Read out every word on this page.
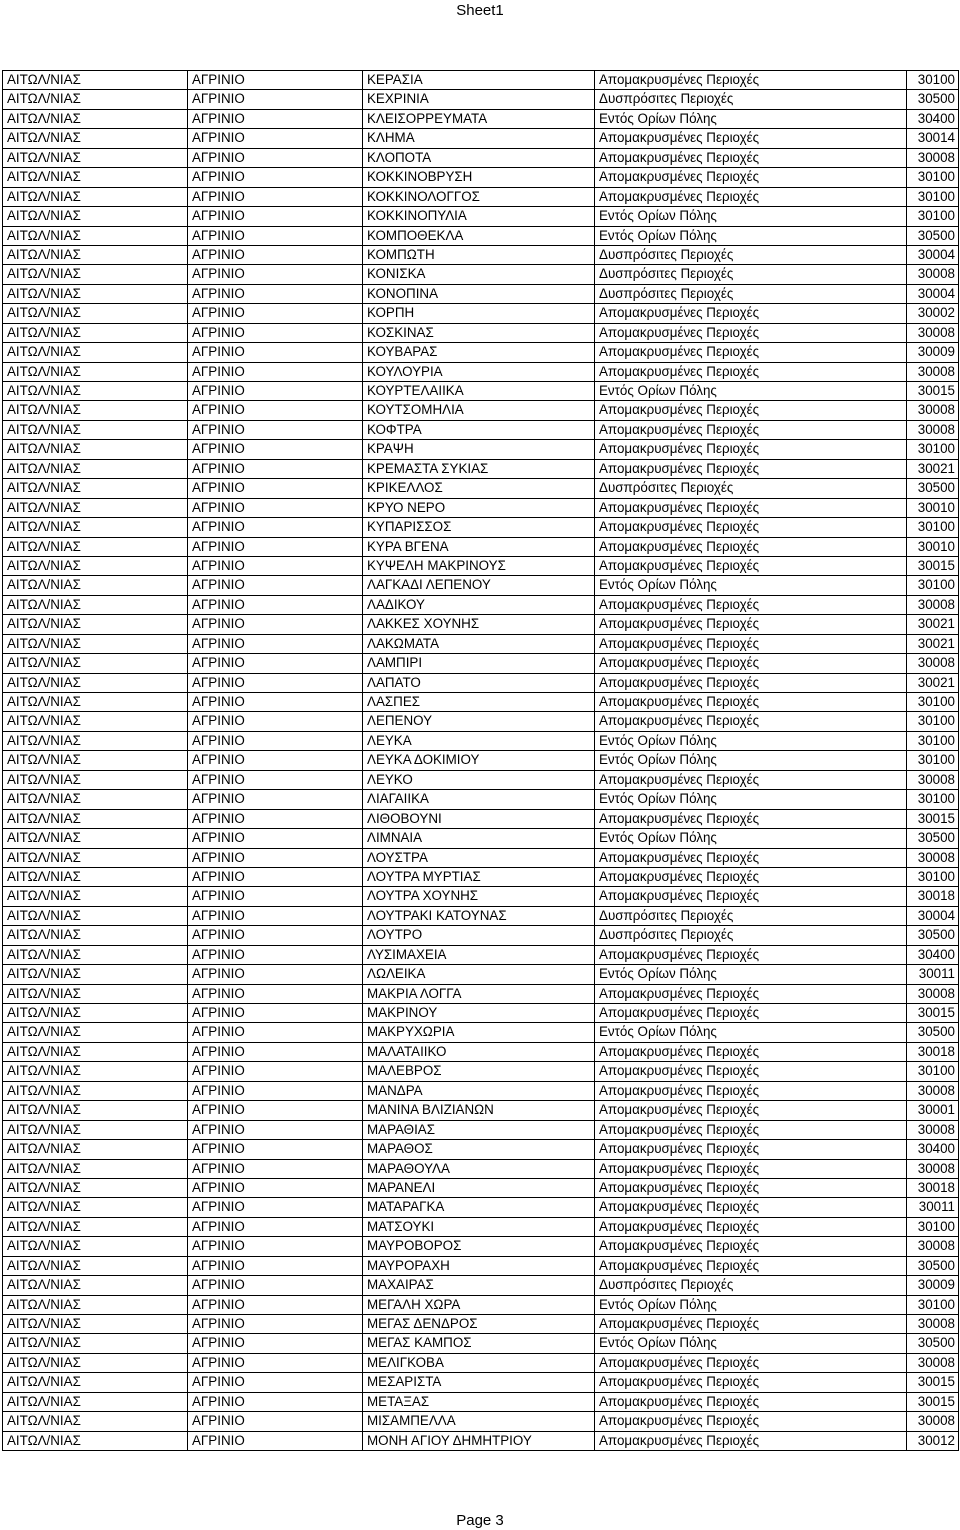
Sheet1
ΑΙΤΩΛ/ΝΙΑΣ	ΑΓΡΙΝΙΟ	ΚΕΡΑΣΙΑ	Απομακρυσμένες Περιοχές	30100
ΑΙΤΩΛ/ΝΙΑΣ	ΑΓΡΙΝΙΟ	ΚΕΧΡΙΝΙΑ	Δυσπρόσιτες Περιοχές	30500
ΑΙΤΩΛ/ΝΙΑΣ	ΑΓΡΙΝΙΟ	ΚΛΕΙΣΟΡΡΕΥΜΑΤΑ	Εντός Ορίων Πόλης	30400
ΑΙΤΩΛ/ΝΙΑΣ	ΑΓΡΙΝΙΟ	ΚΛΗΜΑ	Απομακρυσμένες Περιοχές	30014
ΑΙΤΩΛ/ΝΙΑΣ	ΑΓΡΙΝΙΟ	ΚΛΟΠΟΤΑ	Απομακρυσμένες Περιοχές	30008
ΑΙΤΩΛ/ΝΙΑΣ	ΑΓΡΙΝΙΟ	ΚΟΚΚΙΝΟΒΡΥΣΗ	Απομακρυσμένες Περιοχές	30100
ΑΙΤΩΛ/ΝΙΑΣ	ΑΓΡΙΝΙΟ	ΚΟΚΚΙΝΟΛΟΓΓΟΣ	Απομακρυσμένες Περιοχές	30100
ΑΙΤΩΛ/ΝΙΑΣ	ΑΓΡΙΝΙΟ	ΚΟΚΚΙΝΟΠΥΛΙΑ	Εντός Ορίων Πόλης	30100
ΑΙΤΩΛ/ΝΙΑΣ	ΑΓΡΙΝΙΟ	ΚΟΜΠΟΘΕΚΛΑ	Εντός Ορίων Πόλης	30500
ΑΙΤΩΛ/ΝΙΑΣ	ΑΓΡΙΝΙΟ	ΚΟΜΠΩΤΗ	Δυσπρόσιτες Περιοχές	30004
ΑΙΤΩΛ/ΝΙΑΣ	ΑΓΡΙΝΙΟ	ΚΟΝΙΣΚΑ	Δυσπρόσιτες Περιοχές	30008
ΑΙΤΩΛ/ΝΙΑΣ	ΑΓΡΙΝΙΟ	ΚΟΝΟΠΙΝΑ	Δυσπρόσιτες Περιοχές	30004
ΑΙΤΩΛ/ΝΙΑΣ	ΑΓΡΙΝΙΟ	ΚΟΡΠΗ	Απομακρυσμένες Περιοχές	30002
ΑΙΤΩΛ/ΝΙΑΣ	ΑΓΡΙΝΙΟ	ΚΟΣΚΙΝΑΣ	Απομακρυσμένες Περιοχές	30008
ΑΙΤΩΛ/ΝΙΑΣ	ΑΓΡΙΝΙΟ	ΚΟΥΒΑΡΑΣ	Απομακρυσμένες Περιοχές	30009
ΑΙΤΩΛ/ΝΙΑΣ	ΑΓΡΙΝΙΟ	ΚΟΥΛΟΥΡΙΑ	Απομακρυσμένες Περιοχές	30008
ΑΙΤΩΛ/ΝΙΑΣ	ΑΓΡΙΝΙΟ	ΚΟΥΡΤΕΛΑΙΙΚΑ	Εντός Ορίων Πόλης	30015
ΑΙΤΩΛ/ΝΙΑΣ	ΑΓΡΙΝΙΟ	ΚΟΥΤΣΟΜΗΛΙΑ	Απομακρυσμένες Περιοχές	30008
ΑΙΤΩΛ/ΝΙΑΣ	ΑΓΡΙΝΙΟ	ΚΟΦΤΡΑ	Απομακρυσμένες Περιοχές	30008
ΑΙΤΩΛ/ΝΙΑΣ	ΑΓΡΙΝΙΟ	ΚΡΑΨΗ	Απομακρυσμένες Περιοχές	30100
ΑΙΤΩΛ/ΝΙΑΣ	ΑΓΡΙΝΙΟ	ΚΡΕΜΑΣΤΑ ΣΥΚΙΑΣ	Απομακρυσμένες Περιοχές	30021
ΑΙΤΩΛ/ΝΙΑΣ	ΑΓΡΙΝΙΟ	ΚΡΙΚΕΛΛΟΣ	Δυσπρόσιτες Περιοχές	30500
ΑΙΤΩΛ/ΝΙΑΣ	ΑΓΡΙΝΙΟ	ΚΡΥΟ ΝΕΡΟ	Απομακρυσμένες Περιοχές	30010
ΑΙΤΩΛ/ΝΙΑΣ	ΑΓΡΙΝΙΟ	ΚΥΠΑΡΙΣΣΟΣ	Απομακρυσμένες Περιοχές	30100
ΑΙΤΩΛ/ΝΙΑΣ	ΑΓΡΙΝΙΟ	ΚΥΡΑ ΒΓΕΝΑ	Απομακρυσμένες Περιοχές	30010
ΑΙΤΩΛ/ΝΙΑΣ	ΑΓΡΙΝΙΟ	ΚΥΨΕΛΗ ΜΑΚΡΙΝΟΥΣ	Απομακρυσμένες Περιοχές	30015
ΑΙΤΩΛ/ΝΙΑΣ	ΑΓΡΙΝΙΟ	ΛΑΓΚΑΔΙ ΛΕΠΕΝΟΥ	Εντός Ορίων Πόλης	30100
ΑΙΤΩΛ/ΝΙΑΣ	ΑΓΡΙΝΙΟ	ΛΑΔΙΚΟΥ	Απομακρυσμένες Περιοχές	30008
ΑΙΤΩΛ/ΝΙΑΣ	ΑΓΡΙΝΙΟ	ΛΑΚΚΕΣ ΧΟΥΝΗΣ	Απομακρυσμένες Περιοχές	30021
ΑΙΤΩΛ/ΝΙΑΣ	ΑΓΡΙΝΙΟ	ΛΑΚΩΜΑΤΑ	Απομακρυσμένες Περιοχές	30021
ΑΙΤΩΛ/ΝΙΑΣ	ΑΓΡΙΝΙΟ	ΛΑΜΠΙΡΙ	Απομακρυσμένες Περιοχές	30008
ΑΙΤΩΛ/ΝΙΑΣ	ΑΓΡΙΝΙΟ	ΛΑΠΑΤΟ	Απομακρυσμένες Περιοχές	30021
ΑΙΤΩΛ/ΝΙΑΣ	ΑΓΡΙΝΙΟ	ΛΑΣΠΕΣ	Απομακρυσμένες Περιοχές	30100
ΑΙΤΩΛ/ΝΙΑΣ	ΑΓΡΙΝΙΟ	ΛΕΠΕΝΟΥ	Απομακρυσμένες Περιοχές	30100
ΑΙΤΩΛ/ΝΙΑΣ	ΑΓΡΙΝΙΟ	ΛΕΥΚΑ	Εντός Ορίων Πόλης	30100
ΑΙΤΩΛ/ΝΙΑΣ	ΑΓΡΙΝΙΟ	ΛΕΥΚΑ ΔΟΚΙΜΙΟΥ	Εντός Ορίων Πόλης	30100
ΑΙΤΩΛ/ΝΙΑΣ	ΑΓΡΙΝΙΟ	ΛΕΥΚΟ	Απομακρυσμένες Περιοχές	30008
ΑΙΤΩΛ/ΝΙΑΣ	ΑΓΡΙΝΙΟ	ΛΙΑΓΑΙΙΚΑ	Εντός Ορίων Πόλης	30100
ΑΙΤΩΛ/ΝΙΑΣ	ΑΓΡΙΝΙΟ	ΛΙΘΟΒΟΥΝΙ	Απομακρυσμένες Περιοχές	30015
ΑΙΤΩΛ/ΝΙΑΣ	ΑΓΡΙΝΙΟ	ΛΙΜΝΑΙΑ	Εντός Ορίων Πόλης	30500
ΑΙΤΩΛ/ΝΙΑΣ	ΑΓΡΙΝΙΟ	ΛΟΥΣΤΡΑ	Απομακρυσμένες Περιοχές	30008
ΑΙΤΩΛ/ΝΙΑΣ	ΑΓΡΙΝΙΟ	ΛΟΥΤΡΑ ΜΥΡΤΙΑΣ	Απομακρυσμένες Περιοχές	30100
ΑΙΤΩΛ/ΝΙΑΣ	ΑΓΡΙΝΙΟ	ΛΟΥΤΡΑ ΧΟΥΝΗΣ	Απομακρυσμένες Περιοχές	30018
ΑΙΤΩΛ/ΝΙΑΣ	ΑΓΡΙΝΙΟ	ΛΟΥΤΡΑΚΙ ΚΑΤΟΥΝΑΣ	Δυσπρόσιτες Περιοχές	30004
ΑΙΤΩΛ/ΝΙΑΣ	ΑΓΡΙΝΙΟ	ΛΟΥΤΡΟ	Δυσπρόσιτες Περιοχές	30500
ΑΙΤΩΛ/ΝΙΑΣ	ΑΓΡΙΝΙΟ	ΛΥΣΙΜΑΧΕΙΑ	Απομακρυσμένες Περιοχές	30400
ΑΙΤΩΛ/ΝΙΑΣ	ΑΓΡΙΝΙΟ	ΛΩΛΕΙΚΑ	Εντός Ορίων Πόλης	30011
ΑΙΤΩΛ/ΝΙΑΣ	ΑΓΡΙΝΙΟ	ΜΑΚΡΙΑ ΛΟΓΓΑ	Απομακρυσμένες Περιοχές	30008
ΑΙΤΩΛ/ΝΙΑΣ	ΑΓΡΙΝΙΟ	ΜΑΚΡΙΝΟΥ	Απομακρυσμένες Περιοχές	30015
ΑΙΤΩΛ/ΝΙΑΣ	ΑΓΡΙΝΙΟ	ΜΑΚΡΥΧΩΡΙΑ	Εντός Ορίων Πόλης	30500
ΑΙΤΩΛ/ΝΙΑΣ	ΑΓΡΙΝΙΟ	ΜΑΛΑΤΑΙΙΚΟ	Απομακρυσμένες Περιοχές	30018
ΑΙΤΩΛ/ΝΙΑΣ	ΑΓΡΙΝΙΟ	ΜΑΛΕΒΡΟΣ	Απομακρυσμένες Περιοχές	30100
ΑΙΤΩΛ/ΝΙΑΣ	ΑΓΡΙΝΙΟ	ΜΑΝΔΡΑ	Απομακρυσμένες Περιοχές	30008
ΑΙΤΩΛ/ΝΙΑΣ	ΑΓΡΙΝΙΟ	ΜΑΝΙΝΑ ΒΛΙΖΙΑΝΩΝ	Απομακρυσμένες Περιοχές	30001
ΑΙΤΩΛ/ΝΙΑΣ	ΑΓΡΙΝΙΟ	ΜΑΡΑΘΙΑΣ	Απομακρυσμένες Περιοχές	30008
ΑΙΤΩΛ/ΝΙΑΣ	ΑΓΡΙΝΙΟ	ΜΑΡΑΘΟΣ	Απομακρυσμένες Περιοχές	30400
ΑΙΤΩΛ/ΝΙΑΣ	ΑΓΡΙΝΙΟ	ΜΑΡΑΘΟΥΛΑ	Απομακρυσμένες Περιοχές	30008
ΑΙΤΩΛ/ΝΙΑΣ	ΑΓΡΙΝΙΟ	ΜΑΡΑΝΕΛΙ	Απομακρυσμένες Περιοχές	30018
ΑΙΤΩΛ/ΝΙΑΣ	ΑΓΡΙΝΙΟ	ΜΑΤΑΡΑΓΚΑ	Απομακρυσμένες Περιοχές	30011
ΑΙΤΩΛ/ΝΙΑΣ	ΑΓΡΙΝΙΟ	ΜΑΤΣΟΥΚΙ	Απομακρυσμένες Περιοχές	30100
ΑΙΤΩΛ/ΝΙΑΣ	ΑΓΡΙΝΙΟ	ΜΑΥΡΟΒΟΡΟΣ	Απομακρυσμένες Περιοχές	30008
ΑΙΤΩΛ/ΝΙΑΣ	ΑΓΡΙΝΙΟ	ΜΑΥΡΟΡΑΧΗ	Απομακρυσμένες Περιοχές	30500
ΑΙΤΩΛ/ΝΙΑΣ	ΑΓΡΙΝΙΟ	ΜΑΧΑΙΡΑΣ	Δυσπρόσιτες Περιοχές	30009
ΑΙΤΩΛ/ΝΙΑΣ	ΑΓΡΙΝΙΟ	ΜΕΓΑΛΗ ΧΩΡΑ	Εντός Ορίων Πόλης	30100
ΑΙΤΩΛ/ΝΙΑΣ	ΑΓΡΙΝΙΟ	ΜΕΓΑΣ ΔΕΝΔΡΟΣ	Απομακρυσμένες Περιοχές	30008
ΑΙΤΩΛ/ΝΙΑΣ	ΑΓΡΙΝΙΟ	ΜΕΓΑΣ ΚΑΜΠΟΣ	Εντός Ορίων Πόλης	30500
ΑΙΤΩΛ/ΝΙΑΣ	ΑΓΡΙΝΙΟ	ΜΕΛΙΓΚΟΒΑ	Απομακρυσμένες Περιοχές	30008
ΑΙΤΩΛ/ΝΙΑΣ	ΑΓΡΙΝΙΟ	ΜΕΣΑΡΙΣΤΑ	Απομακρυσμένες Περιοχές	30015
ΑΙΤΩΛ/ΝΙΑΣ	ΑΓΡΙΝΙΟ	ΜΕΤΑΞΑΣ	Απομακρυσμένες Περιοχές	30015
ΑΙΤΩΛ/ΝΙΑΣ	ΑΓΡΙΝΙΟ	ΜΙΣΑΜΠΕΛΛΑ	Απομακρυσμένες Περιοχές	30008
ΑΙΤΩΛ/ΝΙΑΣ	ΑΓΡΙΝΙΟ	ΜΟΝΗ ΑΓΙΟΥ ΔΗΜΗΤΡΙΟΥ	Απομακρυσμένες Περιοχές	30012
Page 3
